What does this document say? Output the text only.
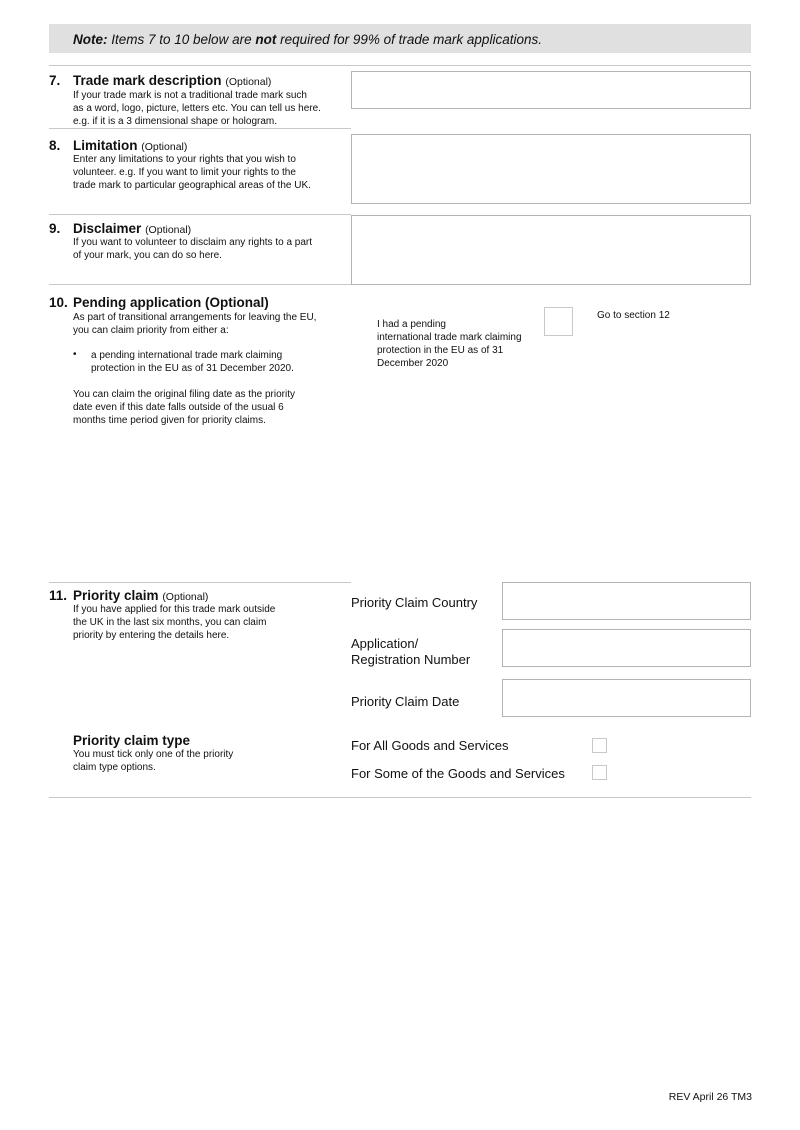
Note: Items 7 to 10 below are not required for 99% of trade mark applications.
7. Trade mark description (Optional)
If your trade mark is not a traditional trade mark such
as a word, logo, picture, letters etc. You can tell us here.
e.g. if it is a 3 dimensional shape or hologram.
8. Limitation (Optional)
Enter any limitations to your rights that you wish to
volunteer. e.g. If you want to limit your rights to the
trade mark to particular geographical areas of the UK.
9. Disclaimer (Optional)
If you want to volunteer to disclaim any rights to a part
of your mark, you can do so here.
10. Pending application (Optional)
As part of transitional arrangements for leaving the EU,
you can claim priority from either a:
• a pending international trade mark claiming
protection in the EU as of 31 December 2020.
You can claim the original filing date as the priority
date even if this date falls outside of the usual 6
months time period given for priority claims.
I had a pending
international trade mark claiming
protection in the EU as of 31
December 2020
Go to section 12
11. Priority claim (Optional)
If you have applied for this trade mark outside
the UK in the last six months, you can claim
priority by entering the details here.
Priority Claim Country
Application/
Registration Number
Priority Claim Date
Priority claim type
You must tick only one of the priority
claim type options.
For All Goods and Services
For Some of the Goods and Services
REV April 26 TM3
